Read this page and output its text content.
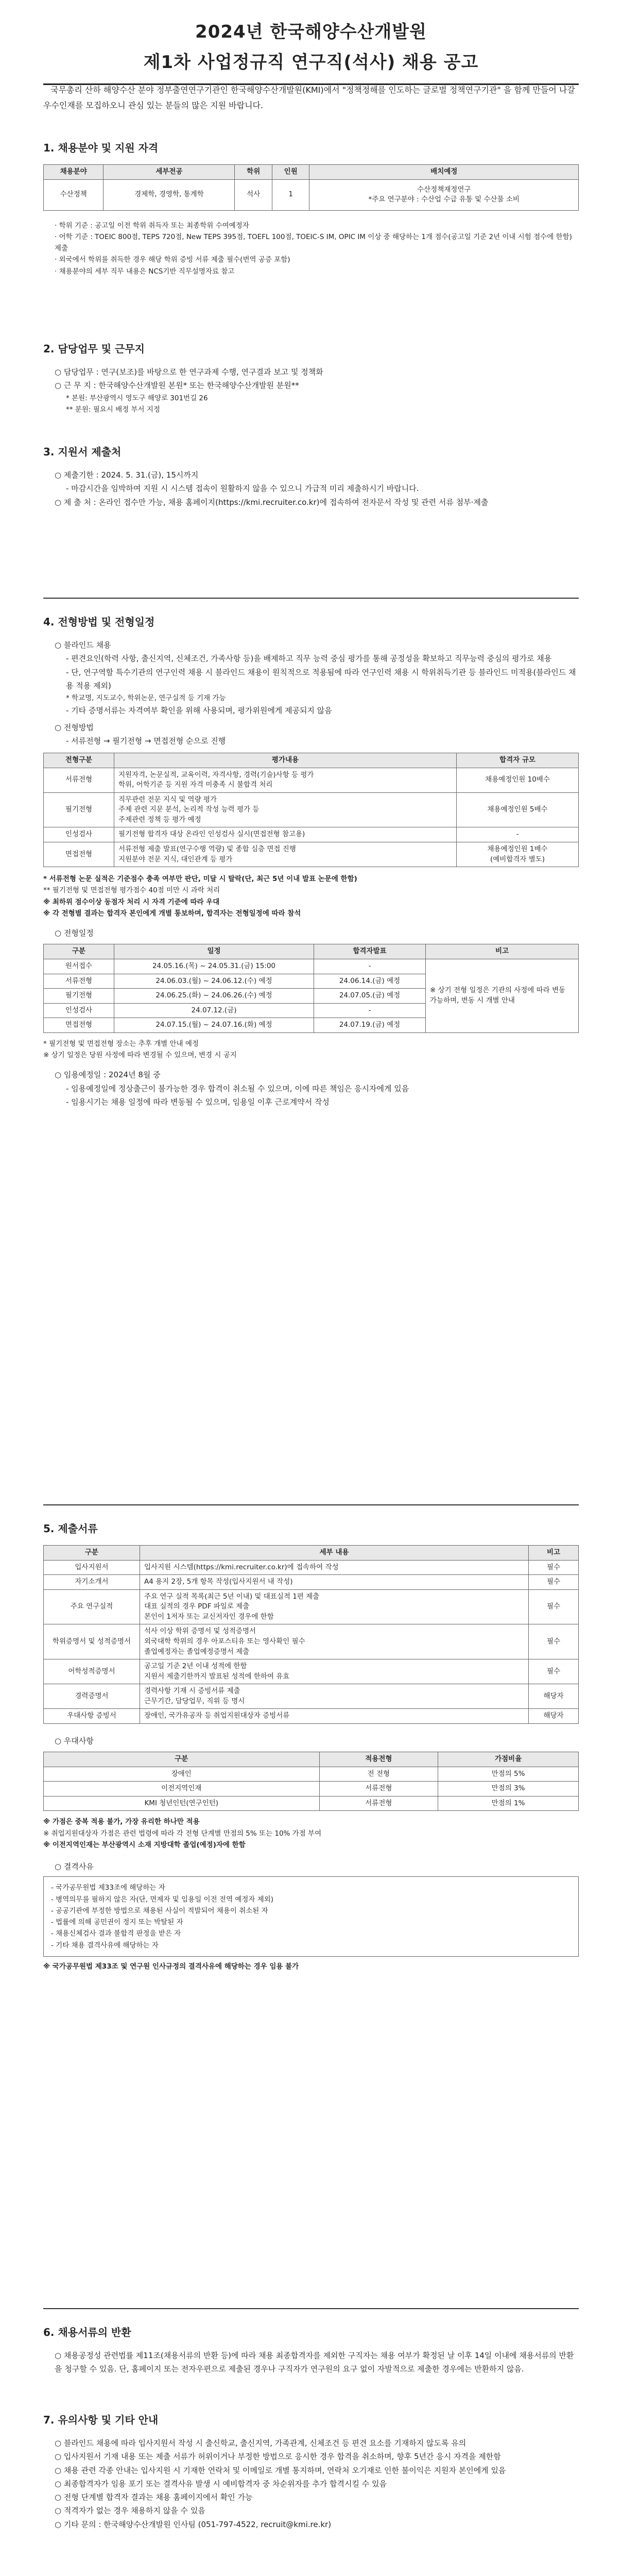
2024년 한국해양수산개발원
제1차 사업정규직 연구직(석사) 채용 공고
국무총리 산하 해양수산 분야 정부출연연구기관인 한국해양수산개발원(KMI)에서 "정책정해를 인도하는 글로벌 정책연구기관" 을 함께 만들어 나갈 우수인재를 모집하오니 관심 있는 분들의 많은 지원 바랍니다.
1. 채용분야 및 지원 자격
채용분야	세부전공	학위	인원	배치예정
수산정책	경제학, 경영학, 통계학	석사	1	수산정책재정연구
*주요 연구분야 : 수산업 수급 유통 및 수산물 소비
· 학위 기준 : 공고일 이전 학위 취득자 또는 최종학위 수여예정자
· 어학 기준 : TOEIC 800점, TEPS 720점, New TEPS 395점, TOEFL 100점, TOEIC-S IM, OPIC IM 이상 중 해당하는 1개 점수(공고일 기준 2년 이내 시험 점수에 한함) 제출
· 외국에서 학위를 취득한 경우 해당 학위 증빙 서류 제출 필수(번역 공증 포함)
· 채용분야의 세부 직무 내용은 NCS기반 직무설명자료 참고
2. 담당업무 및 근무지
○ 담당업무 : 연구(보조)를 바탕으로 한 연구과제 수행, 연구결과 보고 및 정책화
○ 근 무 지 : 한국해양수산개발원 본원* 또는 한국해양수산개발원 분원**
* 본원: 부산광역시 영도구 해양로 301번길 26
** 분원: 필요시 배정 부서 지정
3. 지원서 제출처
○ 제출기한 : 2024. 5. 31.(금), 15시까지
- 마감시간을 임박하여 지원 시 시스템 접속이 원활하지 않을 수 있으니 가급적 미리 제출하시기 바랍니다.
○ 제 출 처 : 온라인 접수만 가능, 채용 홈페이지(https://kmi.recruiter.co.kr)에 접속하여 전자문서 작성 및 관련 서류 첨부·제출
4. 전형방법 및 전형일정
○ 블라인드 채용
- 편견요인(학력 사항, 출신지역, 신체조건, 가족사항 등)을 배제하고 직무 능력 중심 평가를 통해 공정성을 확보하고 직무능력 중심의 평가로 채용
- 단, 연구역할 특수기관의 연구인력 채용 시 블라인드 채용이 원칙적으로 적용됨에 따라 연구인력 채용 시 학위취득기관 등 블라인드 미적용(블라인드 채용 적용 제외)
* 학교명, 지도교수, 학위논문, 연구실적 등 기재 가능
- 기타 증명서류는 자격여부 확인을 위해 사용되며, 평가위원에게 제공되지 않음
○ 전형방법
- 서류전형 → 필기전형 → 면접전형 순으로 진행
전형구분	평가내용	합격자 규모
서류전형	지원자격, 논문실적, 교육이력, 자격사항, 경력(기술)사항 등 평가
학위, 어학기준 등 지원 자격 미충족 시 불합격 처리	채용예정인원 10배수
필기전형	직무관련 전문 지식 및 역량 평가
주제 관련 지문 분석, 논리적 작성 능력 평가 등
주제관련 정책 등 평가 예정	채용예정인원 5배수
인성검사	필기전형 합격자 대상 온라인 인성검사 실시(면접전형 참고용)	-
면접전형	서류전형 제출 발표(연구수행 역량) 및 종합 심층 면접 진행
지원분야 전문 지식, 대인관계 등 평가	채용예정인원 1배수
(예비합격자 별도)
* 서류전형 논문 실적은 기준점수 충족 여부만 판단, 미달 시 탈락(단, 최근 5년 이내 발표 논문에 한함)
** 필기전형 및 면접전형 평가점수 40점 미만 시 과락 처리
※ 최하위 점수이상 동점자 처리 시 자격 기준에 따라 우대
※ 각 전형별 결과는 합격자 본인에게 개별 통보하며, 합격자는 전형일정에 따라 참석
○ 전형일정
구분	일정	합격자발표	비고
원서접수	24.05.16.(목) ~ 24.05.31.(금) 15:00	-	※ 상기 전형 일정은 기관의 사정에 따라 변동 가능하며, 변동 시 개별 안내
서류전형	24.06.03.(월) ~ 24.06.12.(수) 예정	24.06.14.(금) 예정	
필기전형	24.06.25.(화) ~ 24.06.26.(수) 예정	24.07.05.(금) 예정	
인성검사	24.07.12.(금)	-	
면접전형	24.07.15.(월) ~ 24.07.16.(화) 예정	24.07.19.(금) 예정	
* 필기전형 및 면접전형 장소는 추후 개별 안내 예정
※ 상기 일정은 당원 사정에 따라 변경될 수 있으며, 변경 시 공지
○ 임용예정일 : 2024년 8월 중
- 임용예정일에 정상출근이 불가능한 경우 합격이 취소될 수 있으며, 이에 따른 책임은 응시자에게 있음
- 임용시기는 채용 일정에 따라 변동될 수 있으며, 임용일 이후 근로계약서 작성
5. 제출서류
구분	세부 내용	비고
입사지원서	입사지원 시스템(https://kmi.recruiter.co.kr)에 접속하여 작성	필수
자기소개서	A4 용지 2장, 5개 항목 작성(입사지원서 내 작성)	필수
주요 연구실적	주요 연구 실적 목록(최근 5년 이내) 및 대표실적 1편 제출
대표 실적의 경우 PDF 파일로 제출
본인이 1저자 또는 교신저자인 경우에 한함	필수
학위증명서 및 성적증명서	석사 이상 학위 증명서 및 성적증명서
외국대학 학위의 경우 아포스티유 또는 영사확인 필수
졸업예정자는 졸업예정증명서 제출	필수
어학성적증명서	공고일 기준 2년 이내 성적에 한함
지원서 제출기한까지 발표된 성적에 한하여 유효	필수
경력증명서	경력사항 기재 시 증빙서류 제출
근무기간, 담당업무, 직위 등 명시	해당자
우대사항 증빙서	장애인, 국가유공자 등 취업지원대상자 증빙서류	해당자
○ 우대사항
구분	적용전형	가점비율
장애인	전 전형	만점의 5%
이전지역인재	서류전형	만점의 3%
KMI 청년인턴(연구인턴)	서류전형	만점의 1%
※ 가점은 중복 적용 불가, 가장 유리한 하나만 적용
※ 취업지원대상자 가점은 관련 법령에 따라 각 전형 단계별 만점의 5% 또는 10% 가점 부여
※ 이전지역인재는 부산광역시 소재 지방대학 졸업(예정)자에 한함
○ 결격사유
- 국가공무원법 제33조에 해당하는 자
- 병역의무를 필하지 않은 자(단, 면제자 및 임용일 이전 전역 예정자 제외)
- 공공기관에 부정한 방법으로 채용된 사실이 적발되어 채용이 취소된 자
- 법률에 의해 공민권이 정지 또는 박탈된 자
- 채용신체검사 결과 불합격 판정을 받은 자
- 기타 채용 결격사유에 해당하는 자
※ 국가공무원법 제33조 및 연구원 인사규정의 결격사유에 해당하는 경우 임용 불가
6. 채용서류의 반환
○ 채용공정성 관련법률 제11조(채용서류의 반환 등)에 따라 채용 최종합격자를 제외한 구직자는 채용 여부가 확정된 날 이후 14일 이내에 채용서류의 반환을 청구할 수 있음. 단, 홈페이지 또는 전자우편으로 제출된 경우나 구직자가 연구원의 요구 없이 자발적으로 제출한 경우에는 반환하지 않음.
7. 유의사항 및 기타 안내
○ 블라인드 채용에 따라 입사지원서 작성 시 출신학교, 출신지역, 가족관계, 신체조건 등 편견 요소를 기재하지 않도록 유의
○ 입사지원서 기재 내용 또는 제출 서류가 허위이거나 부정한 방법으로 응시한 경우 합격을 취소하며, 향후 5년간 응시 자격을 제한함
○ 채용 관련 각종 안내는 입사지원 시 기재한 연락처 및 이메일로 개별 통지하며, 연락처 오기재로 인한 불이익은 지원자 본인에게 있음
○ 최종합격자가 임용 포기 또는 결격사유 발생 시 예비합격자 중 차순위자를 추가 합격시킬 수 있음
○ 전형 단계별 합격자 결과는 채용 홈페이지에서 확인 가능
○ 적격자가 없는 경우 채용하지 않을 수 있음
○ 기타 문의 : 한국해양수산개발원 인사팀 (051-797-4522, recruit@kmi.re.kr)
